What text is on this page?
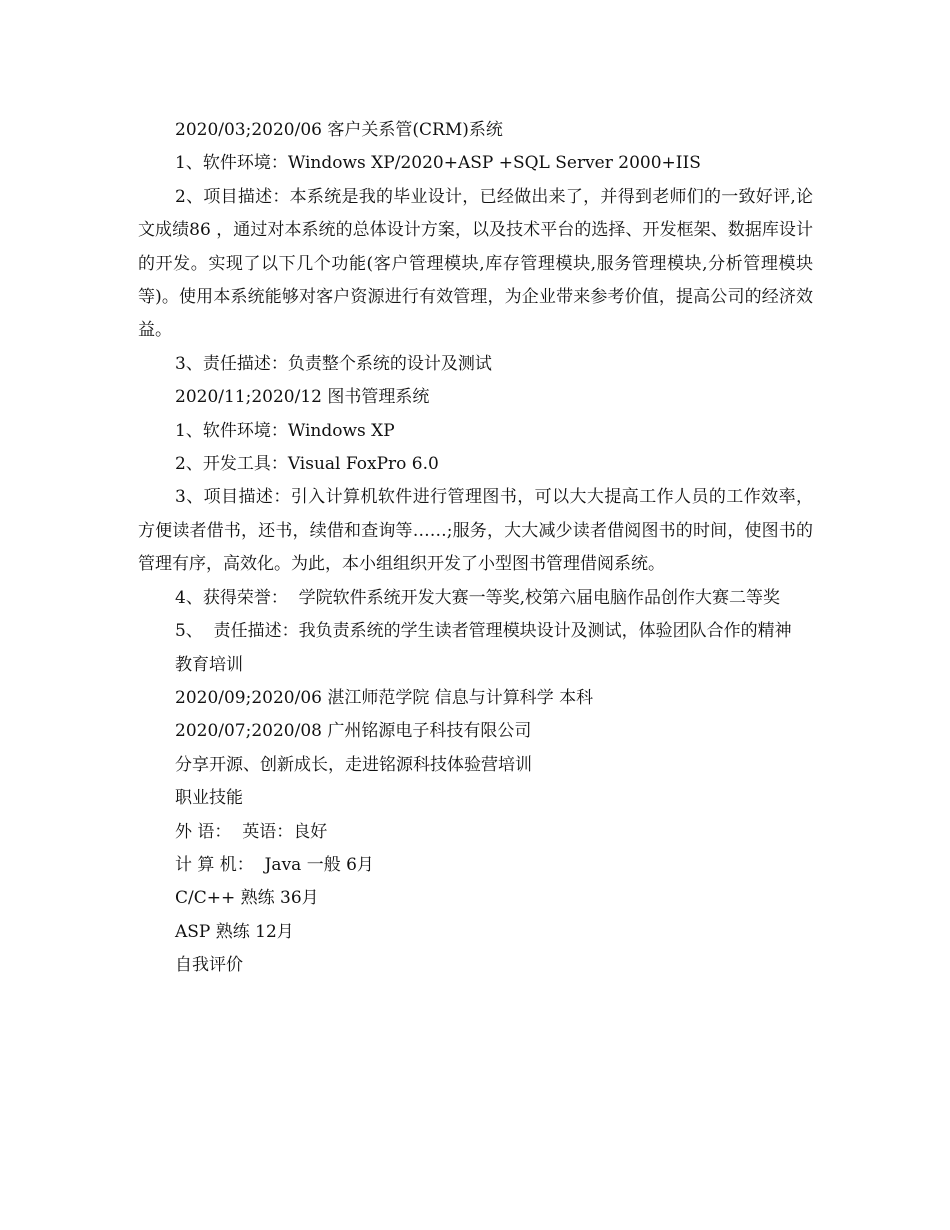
2020/03;2020/06 客户关系管(CRM)系统

1、软件环境：Windows XP/2020+ASP +SQL Server 2000+IIS

2、项目描述：本系统是我的毕业设计，已经做出来了，并得到老师们的一致好评,论文成绩86 ，通过对本系统的总体设计方案，以及技术平台的选择、开发框架、数据库设计的开发。实现了以下几个功能(客户管理模块,库存管理模块,服务管理模块,分析管理模块等)。使用本系统能够对客户资源进行有效管理，为企业带来参考价值，提高公司的经济效益。

3、责任描述：负责整个系统的设计及测试

2020/11;2020/12 图书管理系统

1、软件环境：Windows XP

2、开发工具：Visual FoxPro 6.0

3、项目描述：引入计算机软件进行管理图书，可以大大提高工作人员的工作效率，方便读者借书，还书，续借和查询等……;服务，大大减少读者借阅图书的时间，使图书的管理有序，高效化。为此，本小组组织开发了小型图书管理借阅系统。

4、获得荣誉：  学院软件系统开发大赛一等奖,校第六届电脑作品创作大赛二等奖

5、  责任描述：我负责系统的学生读者管理模块设计及测试，体验团队合作的精神

教育培训

2020/09;2020/06 湛江师范学院 信息与计算科学 本科

2020/07;2020/08 广州铭源电子科技有限公司

分享开源、创新成长，走进铭源科技体验营培训

职业技能

外 语：  英语：良好

计 算 机：  Java 一般 6月

C/C++ 熟练 36月

ASP 熟练 12月

自我评价
